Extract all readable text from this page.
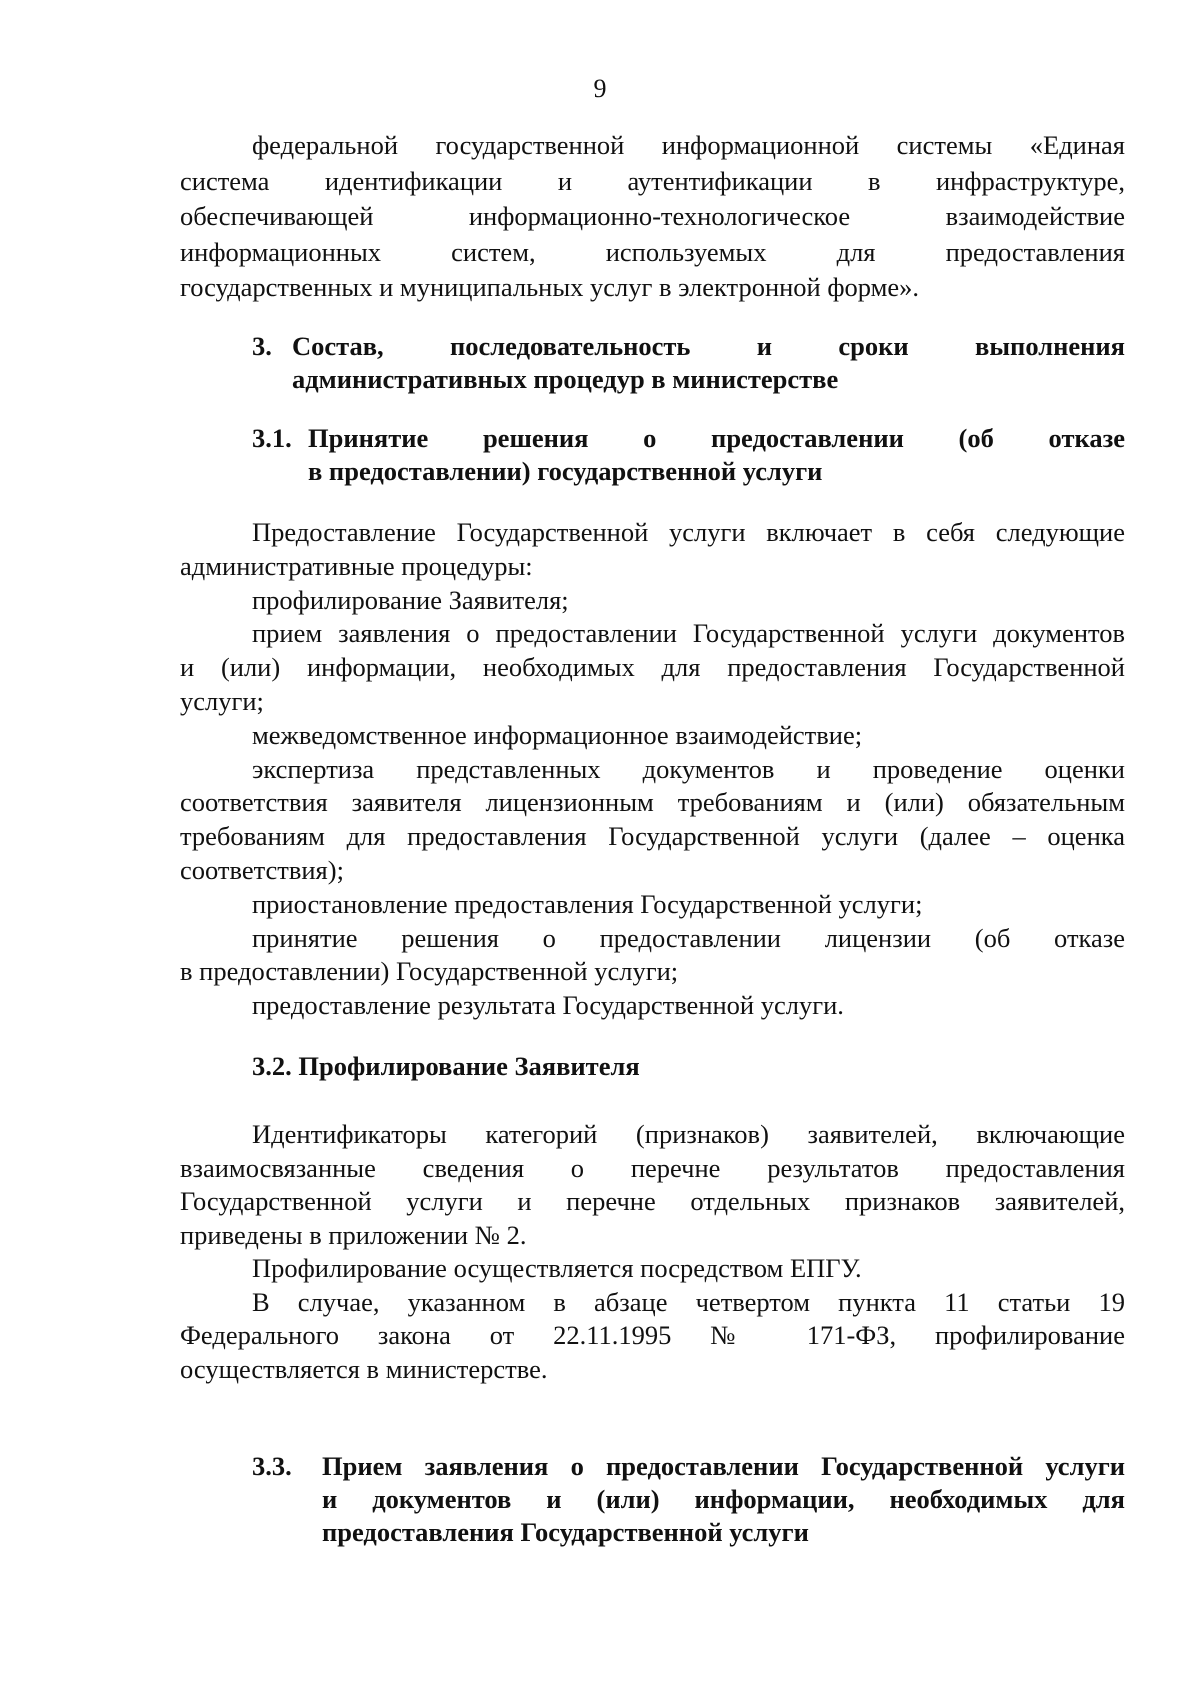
9
федеральной государственной информационной системы «Единая
система идентификации и аутентификации в инфраструктуре,
обеспечивающей информационно-технологическое взаимодействие
информационных систем, используемых для предоставления
государственных и муниципальных услуг в электронной форме».
3. Состав, последовательность и сроки выполнения
административных процедур в министерстве
3.1. Принятие решения о предоставлении (об отказе
в предоставлении) государственной услуги
Предоставление Государственной услуги включает в себя следующие
административные процедуры:
профилирование Заявителя;
прием заявления о предоставлении Государственной услуги документов
и (или) информации, необходимых для предоставления Государственной
услуги;
межведомственное информационное взаимодействие;
экспертиза представленных документов и проведение оценки
соответствия заявителя лицензионным требованиям и (или) обязательным
требованиям для предоставления Государственной услуги (далее – оценка
соответствия);
приостановление предоставления Государственной услуги;
принятие решения о предоставлении лицензии (об отказе
в предоставлении) Государственной услуги;
предоставление результата Государственной услуги.
3.2. Профилирование Заявителя
Идентификаторы категорий (признаков) заявителей, включающие
взаимосвязанные сведения о перечне результатов предоставления
Государственной услуги и перечне отдельных признаков заявителей,
приведены в приложении № 2.
Профилирование осуществляется посредством ЕПГУ.
В случае, указанном в абзаце четвертом пункта 11 статьи 19
Федерального закона от 22.11.1995 № 171-ФЗ, профилирование
осуществляется в министерстве.
3.3.	Прием заявления о предоставлении Государственной услуги
и документов и (или) информации, необходимых для
предоставления Государственной услуги
